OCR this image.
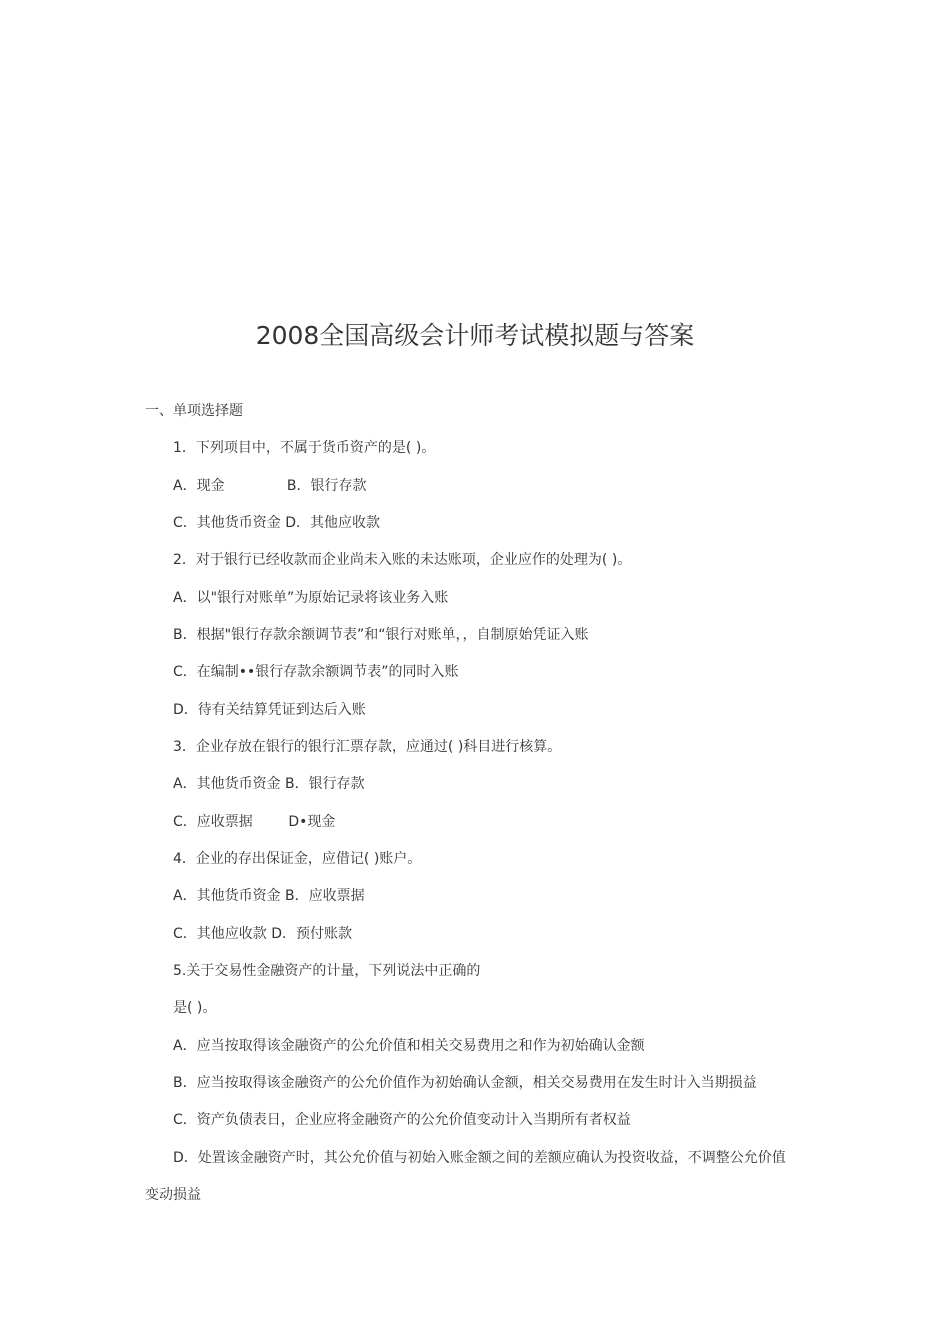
2008全国高级会计师考试模拟题与答案
一、单项选择题
1．下列项目中，不属于货币资产的是( )。
A．现金              B．银行存款
C．其他货币资金 D．其他应收款
2．对于银行已经收款而企业尚未入账的未达账项，企业应作的处理为( )。
A．以"银行对账单”为原始记录将该业务入账
B．根据"银行存款余额调节表”和“银行对账单，，自制原始凭证入账
C．在编制••银行存款余额调节表”的同时入账
D．待有关结算凭证到达后入账
3．企业存放在银行的银行汇票存款，应通过( )科目进行核算。
A．其他货币资金 B．银行存款
C．应收票据        D•现金
4．企业的存出保证金，应借记( )账户。
A．其他货币资金 B．应收票据
C．其他应收款 D．预付账款
5.关于交易性金融资产的计量，下列说法中正确的
是( )。
A．应当按取得该金融资产的公允价值和相关交易费用之和作为初始确认金额
B．应当按取得该金融资产的公允价值作为初始确认金额，相关交易费用在发生时计入当期损益
C．资产负债表日，企业应将金融资产的公允价值变动计入当期所有者权益
D．处置该金融资产时，其公允价值与初始入账金额之间的差额应确认为投资收益，不调整公允价值
变动损益
